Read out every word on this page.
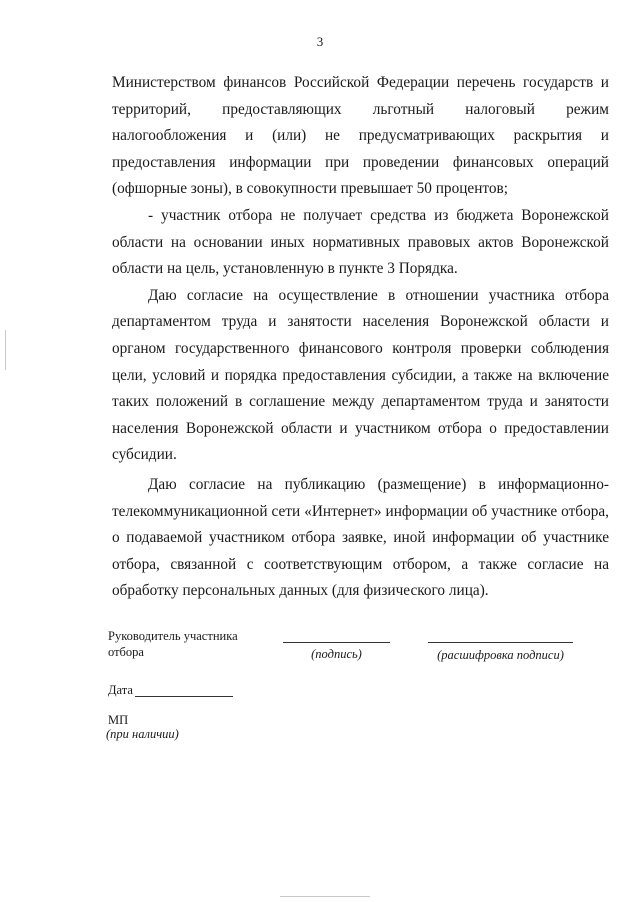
3
Министерством финансов Российской Федерации перечень государств и
территорий, предоставляющих льготный налоговый режим
налогообложения и (или) не предусматривающих раскрытия и
предоставления информации при проведении финансовых операций
(офшорные зоны), в совокупности превышает 50 процентов;
- участник отбора не получает средства из бюджета Воронежской
области на основании иных нормативных правовых актов Воронежской
области на цель, установленную в пункте 3 Порядка.
Даю согласие на осуществление в отношении участника отбора
департаментом труда и занятости населения Воронежской области и
органом государственного финансового контроля проверки соблюдения
цели, условий и порядка предоставления субсидии, а также на включение
таких положений в соглашение между департаментом труда и занятости
населения Воронежской области и участником отбора о предоставлении
субсидии.
Даю согласие на публикацию (размещение) в информационно-
телекоммуникационной сети «Интернет» информации об участнике отбора,
о подаваемой участником отбора заявке, иной информации об участнике
отбора, связанной с соответствующим отбором, а также согласие на
обработку персональных данных (для физического лица).
Руководитель участника
отбора	(подпись)	(расшифровка подписи)
Дата
МП
(при наличии)
